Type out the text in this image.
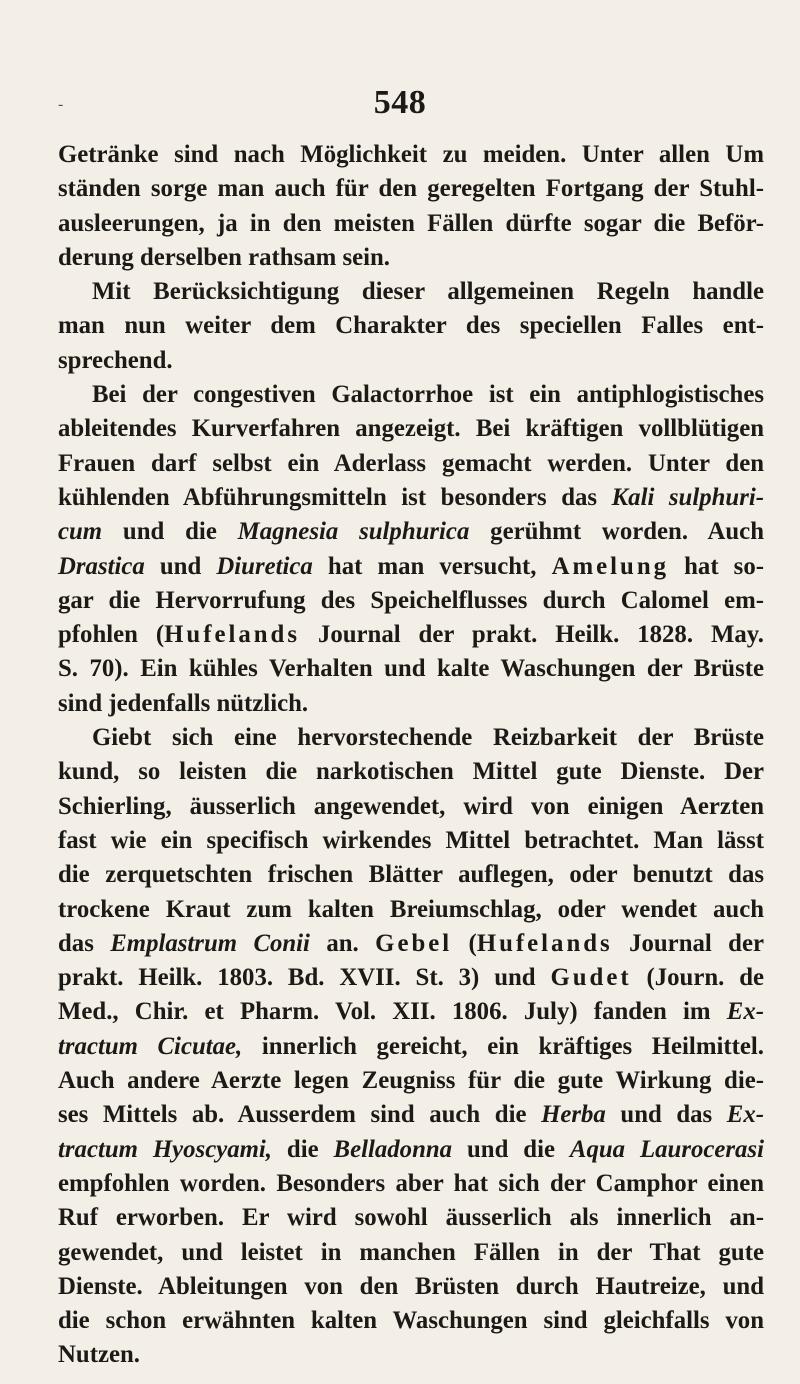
-	548
Getränke sind nach Möglichkeit zu meiden. Unter allen Um
ständen sorge man auch für den geregelten Fortgang der Stuhl-
ausleerungen, ja in den meisten Fällen dürfte sogar die Beför-
derung derselben rathsam sein.
Mit Berücksichtigung dieser allgemeinen Regeln handle
man nun weiter dem Charakter des speciellen Falles ent-
sprechend.
Bei der congestiven Galactorrhoe ist ein antiphlogistisches
ableitendes Kurverfahren angezeigt. Bei kräftigen vollblütigen
Frauen darf selbst ein Aderlass gemacht werden. Unter den
kühlenden Abführungsmitteln ist besonders das Kali sulphuri-
cum und die Magnesia sulphurica gerühmt worden. Auch
Drastica und Diuretica hat man versucht, Amelung hat so-
gar die Hervorrufung des Speichelflusses durch Calomel em-
pfohlen (Hufelands Journal der prakt. Heilk. 1828. May.
S. 70). Ein kühles Verhalten und kalte Waschungen der Brüste
sind jedenfalls nützlich.
Giebt sich eine hervorstechende Reizbarkeit der Brüste
kund, so leisten die narkotischen Mittel gute Dienste. Der
Schierling, äusserlich angewendet, wird von einigen Aerzten
fast wie ein specifisch wirkendes Mittel betrachtet. Man lässt
die zerquetschten frischen Blätter auflegen, oder benutzt das
trockene Kraut zum kalten Breiumschlag, oder wendet auch
das Emplastrum Conii an. Gebel (Hufelands Journal der
prakt. Heilk. 1803. Bd. XVII. St. 3) und Gudet (Journ. de
Med., Chir. et Pharm. Vol. XII. 1806. July) fanden im Ex-
tractum Cicutae, innerlich gereicht, ein kräftiges Heilmittel.
Auch andere Aerzte legen Zeugniss für die gute Wirkung die-
ses Mittels ab. Ausserdem sind auch die Herba und das Ex-
tractum Hyoscyami, die Belladonna und die Aqua Laurocerasi
empfohlen worden. Besonders aber hat sich der Camphor einen
Ruf erworben. Er wird sowohl äusserlich als innerlich an-
gewendet, und leistet in manchen Fällen in der That gute
Dienste. Ableitungen von den Brüsten durch Hautreize, und
die schon erwähnten kalten Waschungen sind gleichfalls von
Nutzen.
